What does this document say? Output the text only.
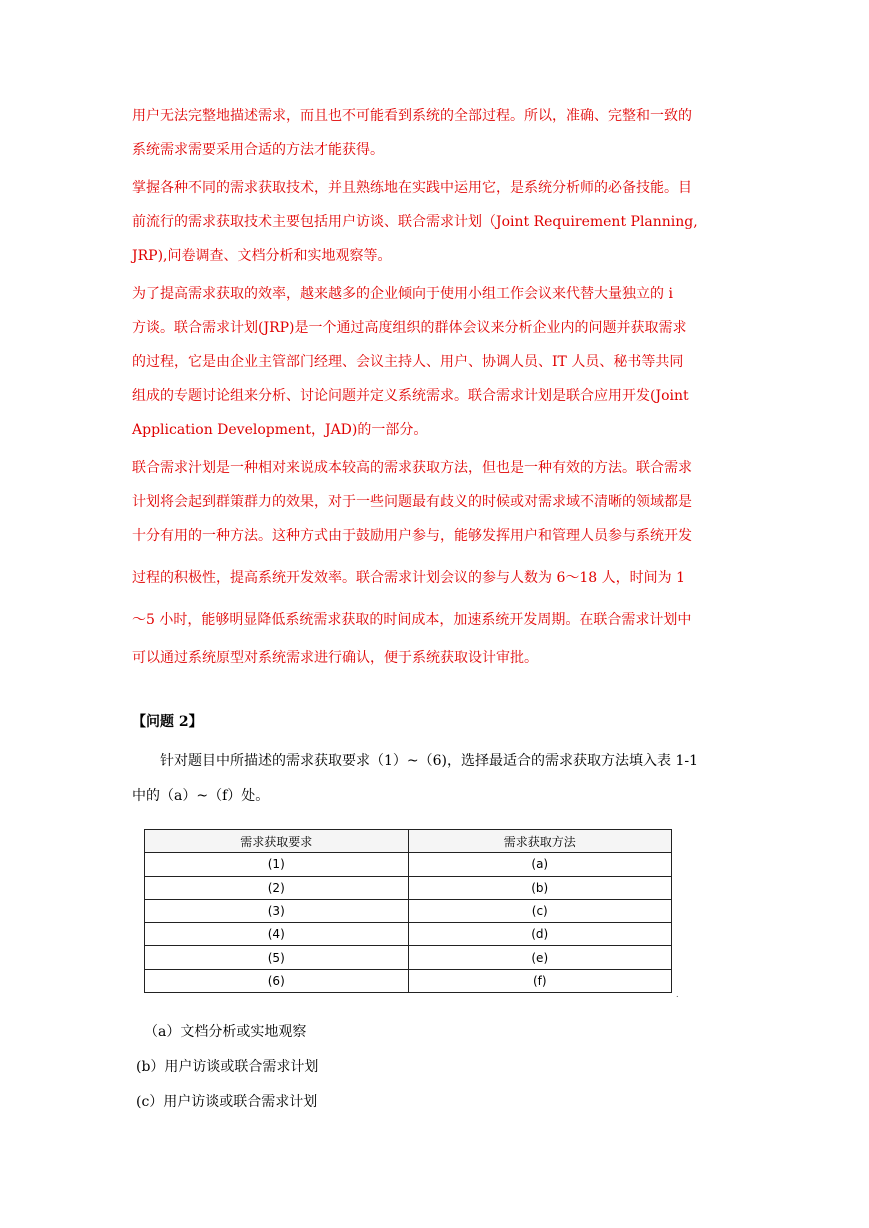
用户无法完整地描述需求，而且也不可能看到系统的全部过程。所以，准确、完整和一致的
系统需求需要采用合适的方法才能获得。
掌握各种不同的需求获取技术，并且熟练地在实践中运用它，是系统分析师的必备技能。目
前流行的需求获取技术主要包括用户访谈、联合需求计划（Joint Requirement Planning,
JRP),问卷调查、文档分析和实地观察等。
为了提高需求获取的效率，越来越多的企业倾向于使用小组工作会议来代替大量独立的 i
方谈。联合需求计划(JRP)是一个通过高度组织的群体会议来分析企业内的问题并获取需求
的过程，它是由企业主管部门经理、会议主持人、用户、协调人员、IT 人员、秘书等共同
组成的专题讨论组来分析、讨论问题并定义系统需求。联合需求计划是联合应用开发(Joint
Application Development，JAD)的一部分。
联合需求汁划是一种相对来说成本较高的需求获取方法，但也是一种有效的方法。联合需求
计划将会起到群策群力的效果，对于一些问题最有歧义的时候或对需求域不清晰的领域都是
十分有用的一种方法。这种方式由于鼓励用户参与，能够发挥用户和管理人员参与系统开发
过程的积极性，提高系统开发效率。联合需求计划会议的参与人数为 6～18 人，时间为 1
～5 小时，能够明显降低系统需求获取的时间成本，加速系统开发周期。在联合需求计划中
可以通过系统原型对系统需求进行确认，便于系统获取设计审批。
【问题 2】
针对题目中所描述的需求获取要求（1）~（6)，选择最适合的需求获取方法填入表 1-1
中的（a）~（f）处。
需求获取要求	需求获取方法
(1)	(a)
(2)	(b)
(3)	(c)
(4)	(d)
(5)	(e)
(6)	(f)
.
（a）文档分析或实地观察
(b）用户访谈或联合需求计划
(c）用户访谈或联合需求计划
